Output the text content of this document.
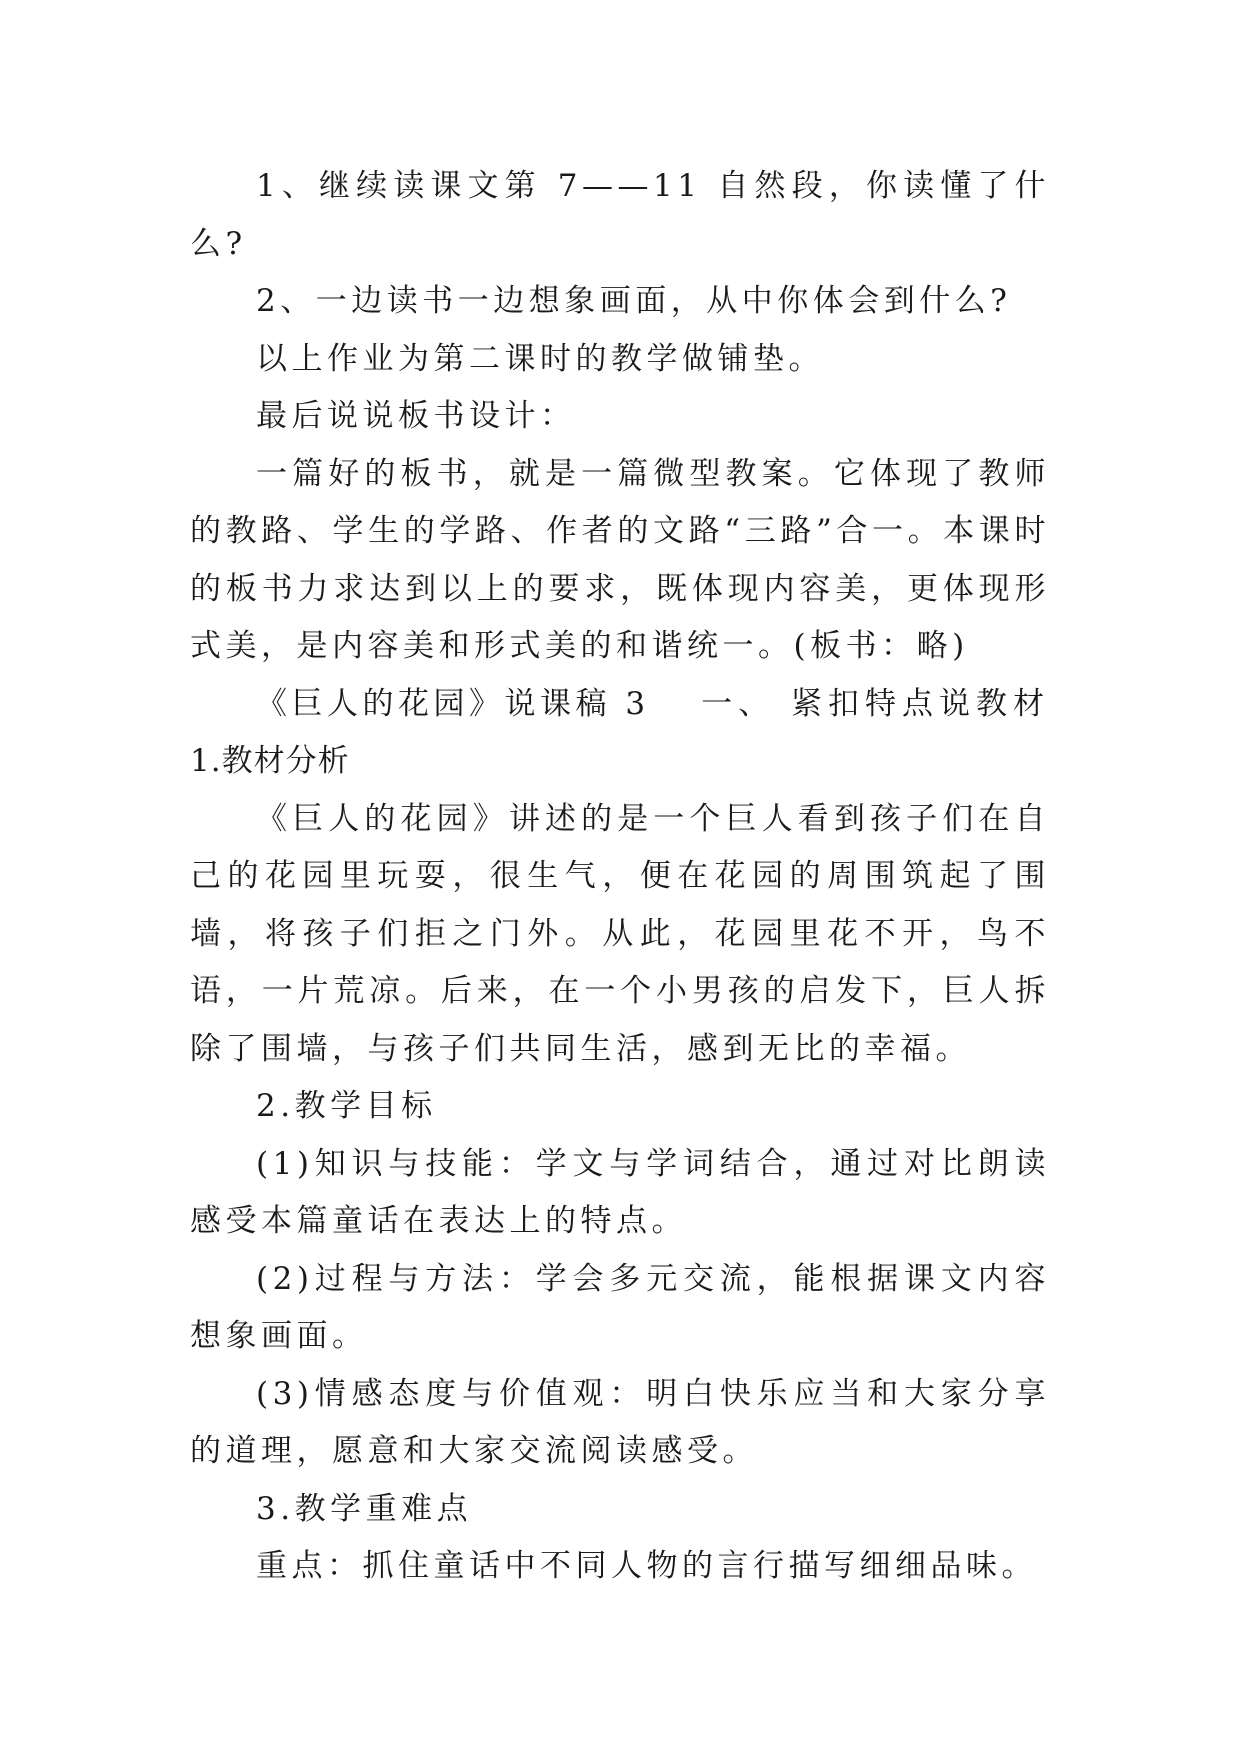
1、继续读课文第 7——11 自然段，你读懂了什么?

2、一边读书一边想象画面，从中你体会到什么?

以上作业为第二课时的教学做铺垫。

最后说说板书设计：

一篇好的板书，就是一篇微型教案。它体现了教师的教路、学生的学路、作者的文路“三路”合一。本课时的板书力求达到以上的要求，既体现内容美，更体现形式美，是内容美和形式美的和谐统一。(板书：略)

《巨人的花园》说课稿 3 一、 紧扣特点说教材

1.教材分析

《巨人的花园》讲述的是一个巨人看到孩子们在自己的花园里玩耍，很生气，便在花园的周围筑起了围墙，将孩子们拒之门外。从此，花园里花不开，鸟不语，一片荒凉。后来，在一个小男孩的启发下，巨人拆除了围墙，与孩子们共同生活，感到无比的幸福。

2.教学目标

(1)知识与技能：学文与学词结合，通过对比朗读感受本篇童话在表达上的特点。

(2)过程与方法：学会多元交流，能根据课文内容想象画面。

(3)情感态度与价值观：明白快乐应当和大家分享的道理，愿意和大家交流阅读感受。

3.教学重难点

重点：抓住童话中不同人物的言行描写细细品味。
